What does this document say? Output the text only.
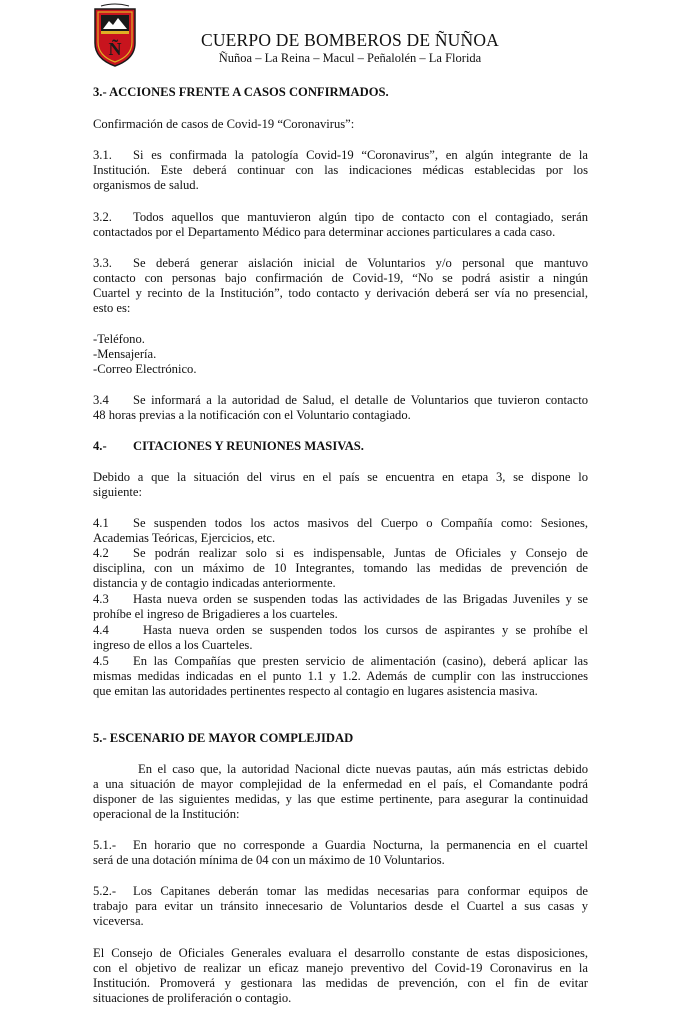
Ñ	CUERPO DE BOMBEROS DE ÑUÑOA
Ñuñoa – La Reina – Macul – Peñalolén – La Florida
3.- ACCIONES FRENTE A CASOS CONFIRMADOS.
Confirmación de casos de Covid-19 “Coronavirus”:
3.1. Si es confirmada la patología Covid-19 “Coronavirus”, en algún integrante de la
Institución. Este deberá continuar con las indicaciones médicas establecidas por los
organismos de salud.
3.2. Todos aquellos que mantuvieron algún tipo de contacto con el contagiado, serán
contactados por el Departamento Médico para determinar acciones particulares a cada caso.
3.3. Se deberá generar aislación inicial de Voluntarios y/o personal que mantuvo
contacto con personas bajo confirmación de Covid-19, “No se podrá asistir a ningún
Cuartel y recinto de la Institución”, todo contacto y derivación deberá ser vía no presencial,
esto es:
-Teléfono.
-Mensajería.
-Correo Electrónico.
3.4 Se informará a la autoridad de Salud, el detalle de Voluntarios que tuvieron contacto
48 horas previas a la notificación con el Voluntario contagiado.
4.- CITACIONES Y REUNIONES MASIVAS.
Debido a que la situación del virus en el país se encuentra en etapa 3, se dispone lo
siguiente:
4.1 Se suspenden todos los actos masivos del Cuerpo o Compañía como: Sesiones,
Academias Teóricas, Ejercicios, etc.
4.2 Se podrán realizar solo si es indispensable, Juntas de Oficiales y Consejo de
disciplina, con un máximo de 10 Integrantes, tomando las medidas de prevención de
distancia y de contagio indicadas anteriormente.
4.3 Hasta nueva orden se suspenden todas las actividades de las Brigadas Juveniles y se
prohíbe el ingreso de Brigadieres a los cuarteles.
4.4	Hasta nueva orden se suspenden todos los cursos de aspirantes y se prohíbe el
ingreso de ellos a los Cuarteles.
4.5 En las Compañías que presten servicio de alimentación (casino), deberá aplicar las
mismas medidas indicadas en el punto 1.1 y 1.2. Además de cumplir con las instrucciones
que emitan las autoridades pertinentes respecto al contagio en lugares asistencia masiva.
5.- ESCENARIO DE MAYOR COMPLEJIDAD
En el caso que, la autoridad Nacional dicte nuevas pautas, aún más estrictas debido
a una situación de mayor complejidad de la enfermedad en el país, el Comandante podrá
disponer de las siguientes medidas, y las que estime pertinente, para asegurar la continuidad
operacional de la Institución:
5.1.- En horario que no corresponde a Guardia Nocturna, la permanencia en el cuartel
será de una dotación mínima de 04 con un máximo de 10 Voluntarios.
5.2.- Los Capitanes deberán tomar las medidas necesarias para conformar equipos de
trabajo para evitar un tránsito innecesario de Voluntarios desde el Cuartel a sus casas y
viceversa.
El Consejo de Oficiales Generales evaluara el desarrollo constante de estas disposiciones,
con el objetivo de realizar un eficaz manejo preventivo del Covid-19 Coronavirus en la
Institución. Promoverá y gestionara las medidas de prevención, con el fin de evitar
situaciones de proliferación o contagio.
